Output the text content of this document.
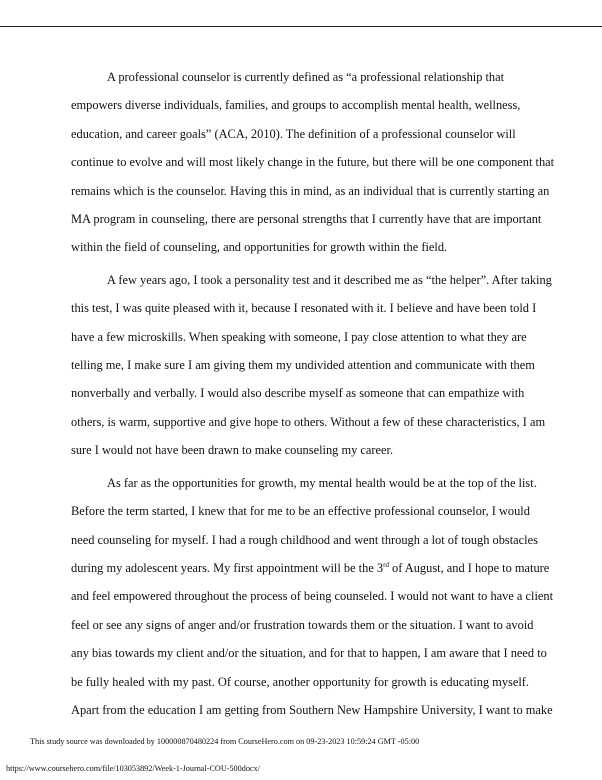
A professional counselor is currently defined as “a professional relationship that
empowers diverse individuals, families, and groups to accomplish mental health, wellness,
education, and career goals” (ACA, 2010). The definition of a professional counselor will
continue to evolve and will most likely change in the future, but there will be one component that
remains which is the counselor. Having this in mind, as an individual that is currently starting an
MA program in counseling, there are personal strengths that I currently have that are important
within the field of counseling, and opportunities for growth within the field.
A few years ago, I took a personality test and it described me as “the helper”. After taking
this test, I was quite pleased with it, because I resonated with it. I believe and have been told I
have a few microskills. When speaking with someone, I pay close attention to what they are
telling me, I make sure I am giving them my undivided attention and communicate with them
nonverbally and verbally. I would also describe myself as someone that can empathize with
others, is warm, supportive and give hope to others. Without a few of these characteristics, I am
sure I would not have been drawn to make counseling my career.
As far as the opportunities for growth, my mental health would be at the top of the list.
Before the term started, I knew that for me to be an effective professional counselor, I would
need counseling for myself. I had a rough childhood and went through a lot of tough obstacles
during my adolescent years. My first appointment will be the 3rd of August, and I hope to mature
and feel empowered throughout the process of being counseled. I would not want to have a client
feel or see any signs of anger and/or frustration towards them or the situation. I want to avoid
any bias towards my client and/or the situation, and for that to happen, I am aware that I need to
be fully healed with my past. Of course, another opportunity for growth is educating myself.
Apart from the education I am getting from Southern New Hampshire University, I want to make
This study source was downloaded by 100000870480224 from CourseHero.com on 09-23-2023 10:59:24 GMT -05:00
https://www.coursehero.com/file/103053892/Week-1-Journal-COU-500docx/
